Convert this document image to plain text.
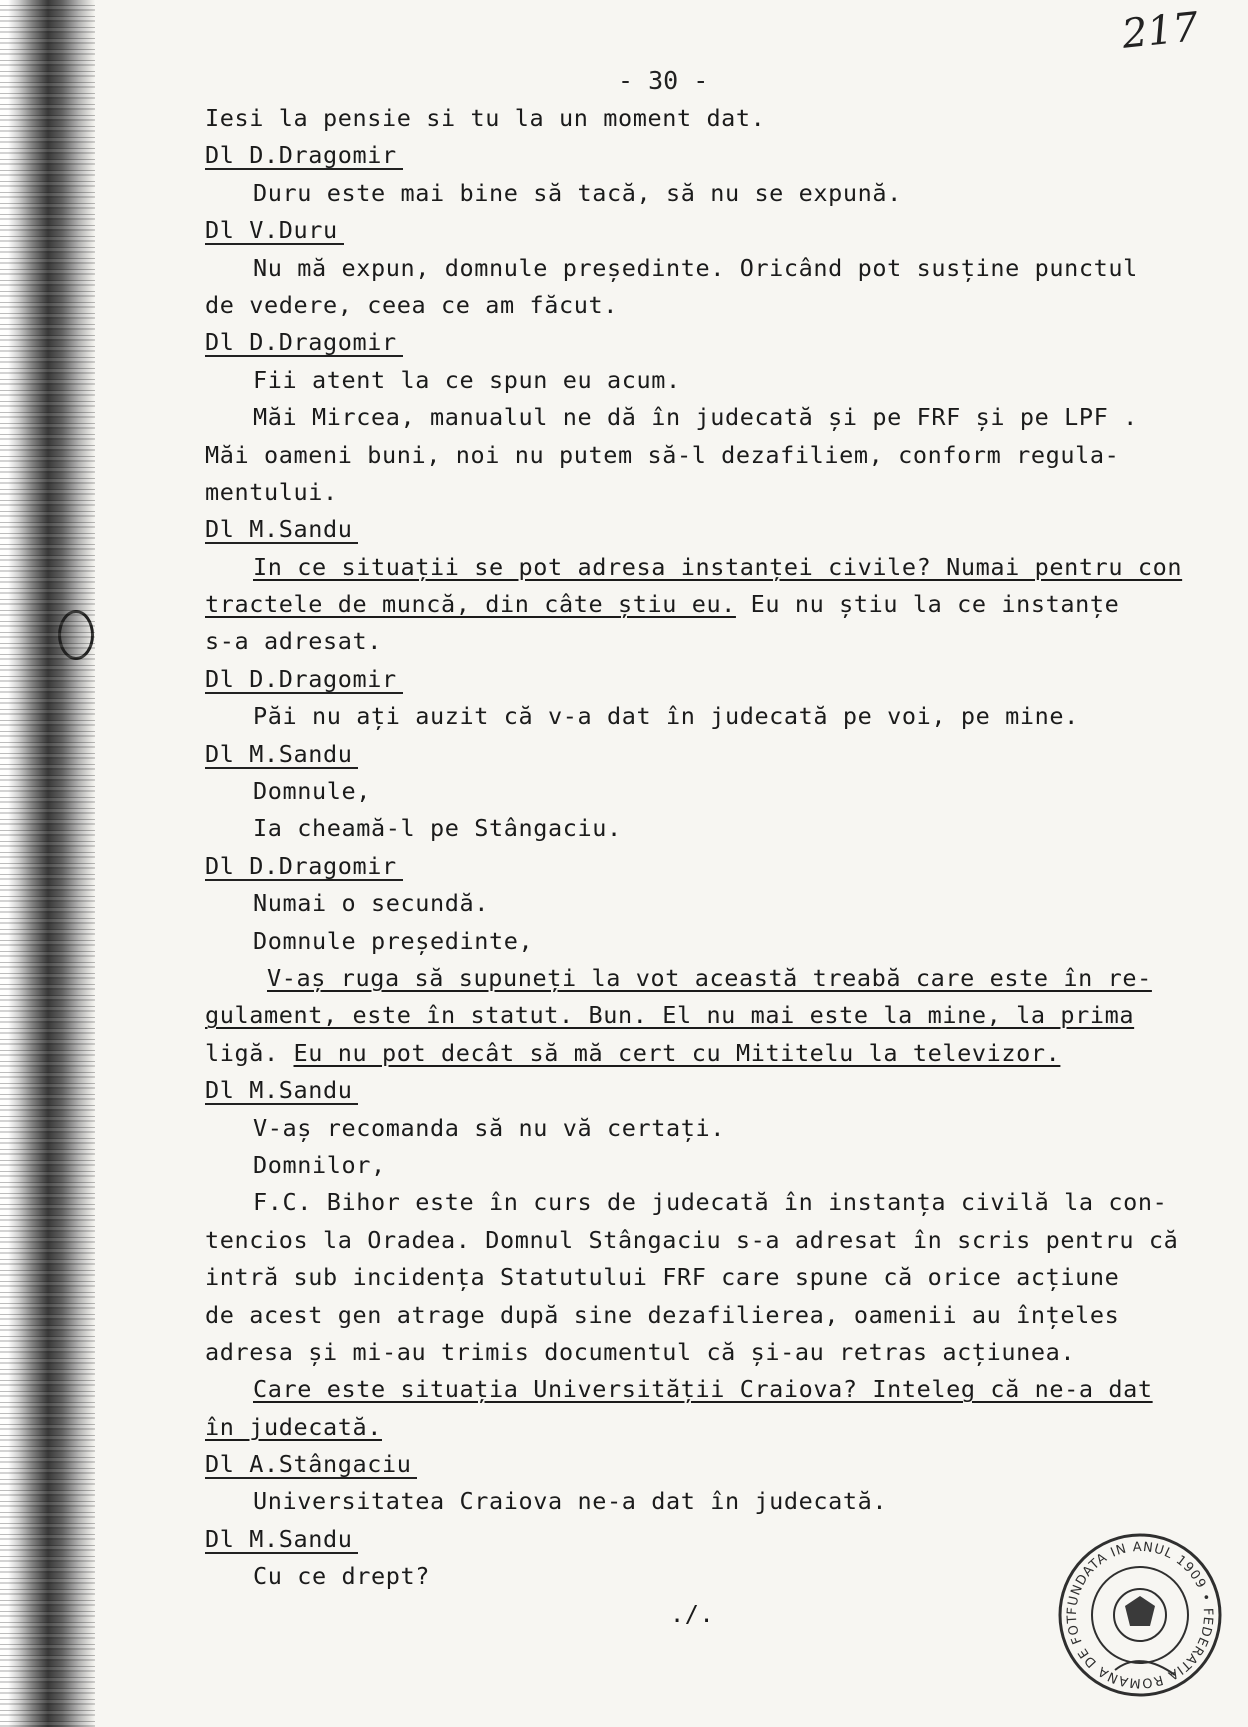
217
- 30 -
Iesi la pensie si tu la un moment dat.
Dl D.Dragomir
Duru este mai bine să tacă, să nu se expună.
Dl V.Duru
Nu mă expun, domnule președinte. Oricând pot susține punctul
de vedere, ceea ce am făcut.
Dl D.Dragomir
Fii atent la ce spun eu acum.
Măi Mircea, manualul ne dă în judecată și pe FRF și pe LPF .
Măi oameni buni, noi nu putem să-l dezafiliem, conform regula-
mentului.
Dl M.Sandu
In ce situații se pot adresa instanței civile? Numai pentru con
tractele de muncă, din câte știu eu. Eu nu știu la ce instanțe
s-a adresat.
Dl D.Dragomir
Păi nu ați auzit că v-a dat în judecată pe voi, pe mine.
Dl M.Sandu
Domnule,
Ia cheamă-l pe Stângaciu.
Dl D.Dragomir
Numai o secundă.
Domnule președinte,
V-aș ruga să supuneți la vot această treabă care este în re-
gulament, este în statut. Bun. El nu mai este la mine, la prima
ligă. Eu nu pot decât să mă cert cu Mititelu la televizor.
Dl M.Sandu
V-aș recomanda să nu vă certați.
Domnilor,
F.C. Bihor este în curs de judecată în instanța civilă la con-
tencios la Oradea. Domnul Stângaciu s-a adresat în scris pentru că
intră sub incidența Statutului FRF care spune că orice acțiune
de acest gen atrage după sine dezafilierea, oamenii au înțeles
adresa și mi-au trimis documentul că și-au retras acțiunea.
Care este situația Universității Craiova? Inteleg că ne-a dat
în judecată.
Dl A.Stângaciu
Universitatea Craiova ne-a dat în judecată.
Dl M.Sandu
Cu ce drept?
./.	FUNDATA IN ANUL 1909 • FEDERATIA ROMANA DE FOT
